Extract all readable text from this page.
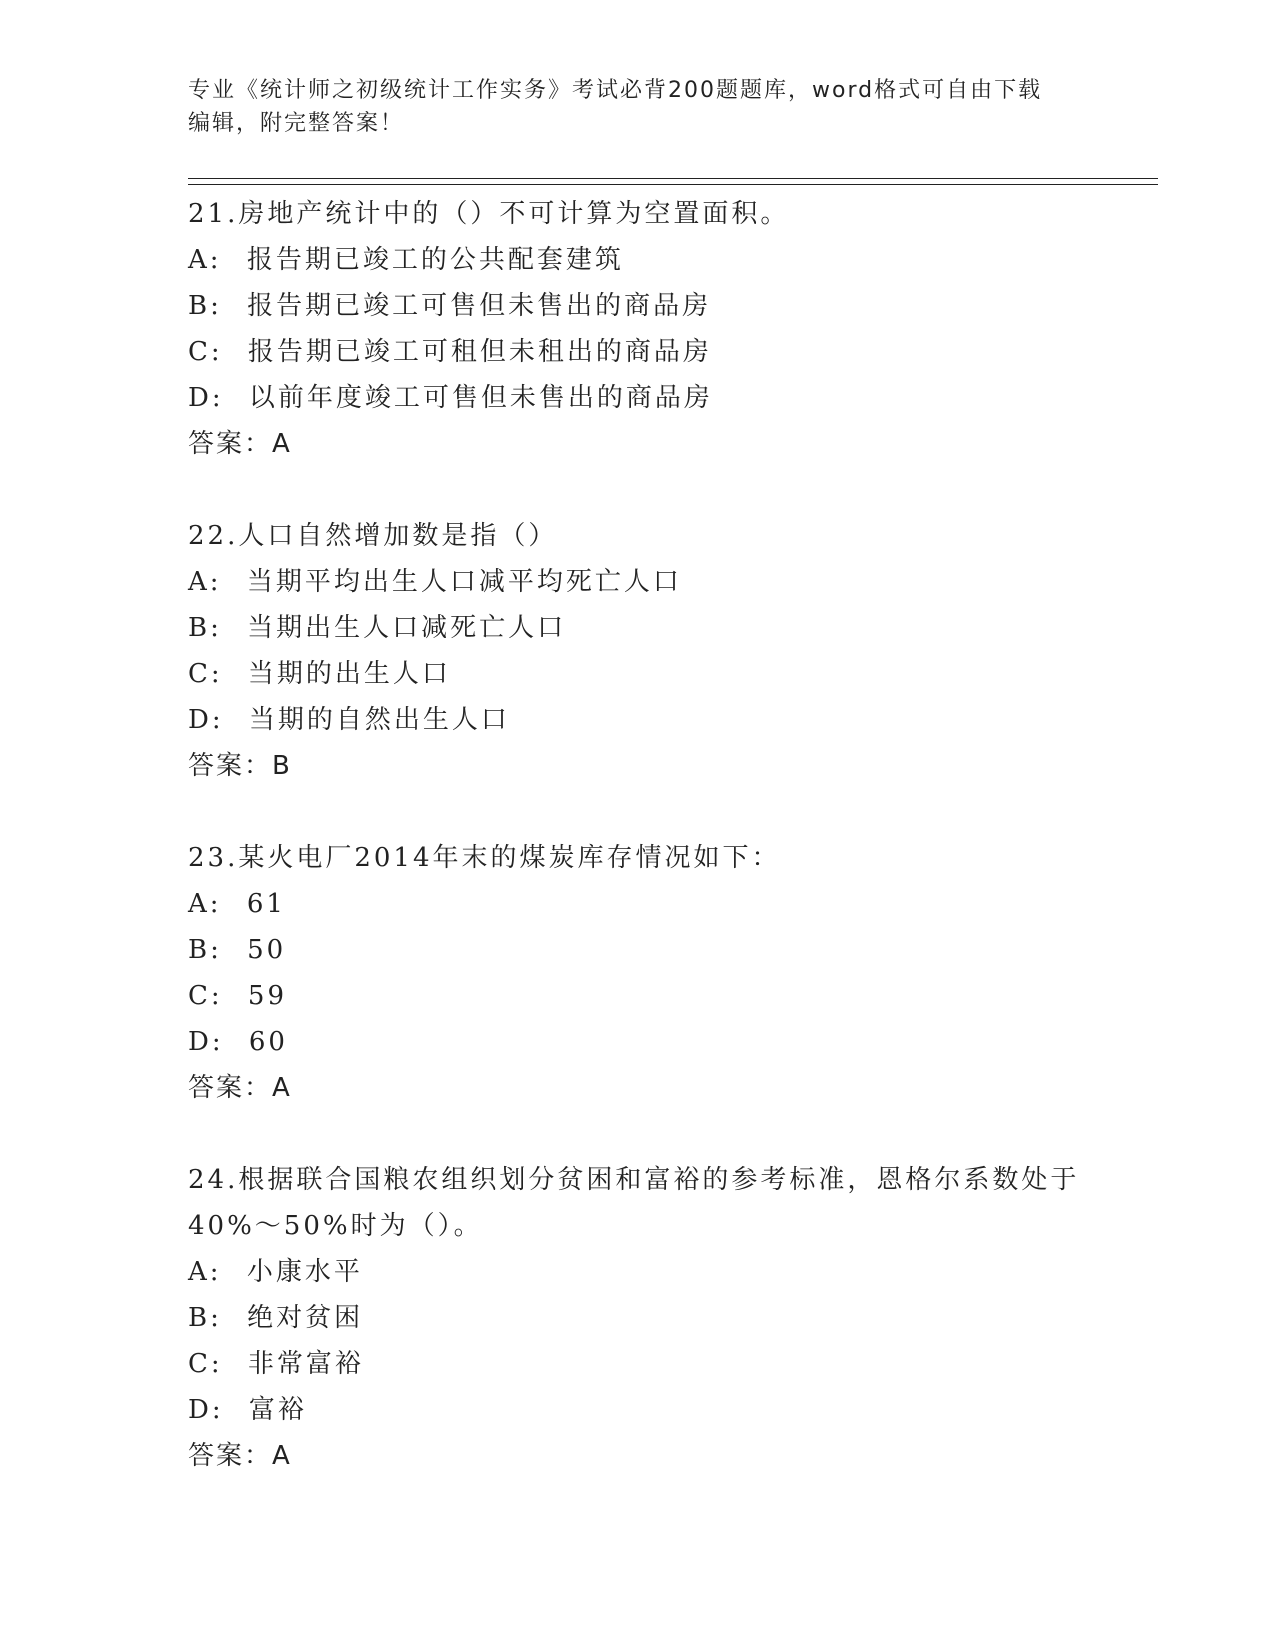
专业《统计师之初级统计工作实务》考试必背200题题库，word格式可自由下载
编辑，附完整答案！
21.房地产统计中的（）不可计算为空置面积。
A: 报告期已竣工的公共配套建筑
B: 报告期已竣工可售但未售出的商品房
C: 报告期已竣工可租但未租出的商品房
D: 以前年度竣工可售但未售出的商品房
答案：A
22.人口自然增加数是指（）
A: 当期平均出生人口减平均死亡人口
B: 当期出生人口减死亡人口
C: 当期的出生人口
D: 当期的自然出生人口
答案：B
23.某火电厂2014年末的煤炭库存情况如下：
A: 61
B: 50
C: 59
D: 60
答案：A
24.根据联合国粮农组织划分贫困和富裕的参考标准，恩格尔系数处于
40%～50%时为（）。
A: 小康水平
B: 绝对贫困
C: 非常富裕
D: 富裕
答案：A
